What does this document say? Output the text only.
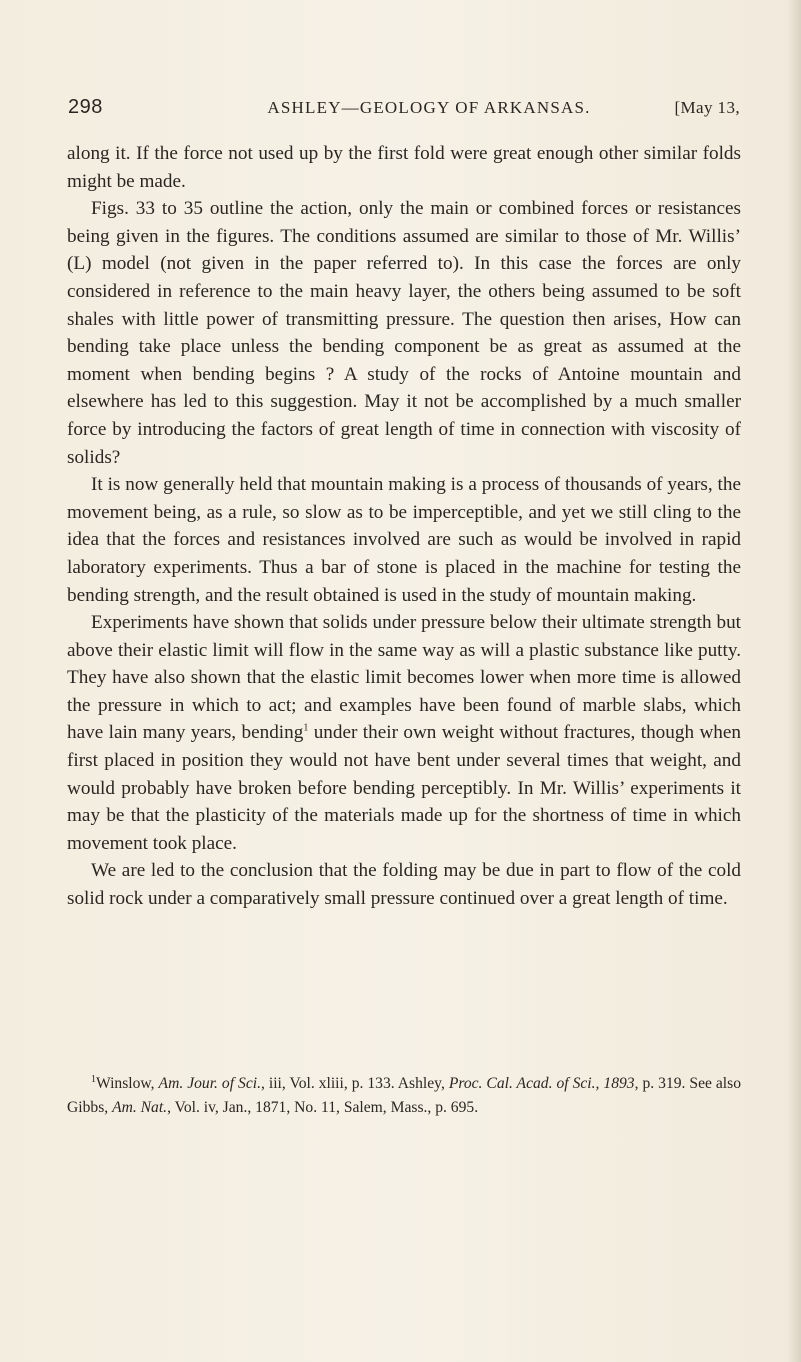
298	ASHLEY—GEOLOGY OF ARKANSAS.	[May 13,

along it. If the force not used up by the first fold were great enough other similar folds might be made.

Figs. 33 to 35 outline the action, only the main or combined forces or resistances being given in the figures. The conditions assumed are similar to those of Mr. Willis’ (L) model (not given in the paper referred to). In this case the forces are only considered in reference to the main heavy layer, the others being assumed to be soft shales with little power of transmitting pressure. The question then arises, How can bending take place unless the bending component be as great as assumed at the moment when bending begins ? A study of the rocks of Antoine mountain and elsewhere has led to this suggestion. May it not be accomplished by a much smaller force by introducing the factors of great length of time in connection with viscosity of solids?

It is now generally held that mountain making is a process of thousands of years, the movement being, as a rule, so slow as to be imperceptible, and yet we still cling to the idea that the forces and resistances involved are such as would be involved in rapid laboratory experiments. Thus a bar of stone is placed in the machine for testing the bending strength, and the result obtained is used in the study of mountain making.

Experiments have shown that solids under pressure below their ultimate strength but above their elastic limit will flow in the same way as will a plastic substance like putty. They have also shown that the elastic limit becomes lower when more time is allowed the pressure in which to act; and examples have been found of marble slabs, which have lain many years, bending$^1$ under their own weight without fractures, though when first placed in position they would not have bent under several times that weight, and would probably have broken before bending perceptibly. In Mr. Willis’ experiments it may be that the plasticity of the materials made up for the shortness of time in which movement took place.

We are led to the conclusion that the folding may be due in part to flow of the cold solid rock under a comparatively small pressure continued over a great length of time.

$^1$Winslow, Am. Jour. of Sci., iii, Vol. xliii, p. 133. Ashley, Proc. Cal. Acad. of Sci., 1893, p. 319. See also Gibbs, Am. Nat., Vol. iv, Jan., 1871, No. 11, Salem, Mass., p. 695.
